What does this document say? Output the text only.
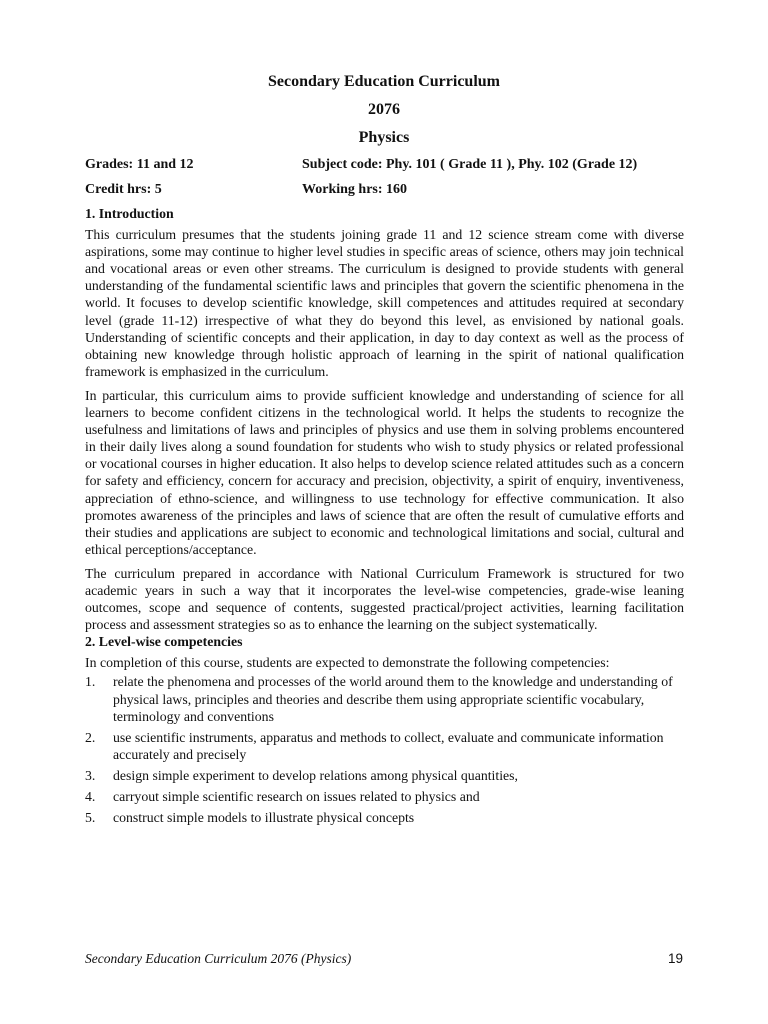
Secondary Education Curriculum
2076
Physics
Grades: 11 and 12	Subject code: Phy. 101 ( Grade 11 ), Phy. 102 (Grade 12)
Credit hrs: 5	Working hrs: 160
1. Introduction

This curriculum presumes that the students joining grade 11 and 12 science stream come with diverse aspirations, some may continue to higher level studies in specific areas of science, others may join technical and vocational areas or even other streams. The curriculum is designed to provide students with general understanding of the fundamental scientific laws and principles that govern the scientific phenomena in the world. It focuses to develop scientific knowledge, skill competences and attitudes required at secondary level (grade 11-12) irrespective of what they do beyond this level, as envisioned by national goals. Understanding of scientific concepts and their application, in day to day context as well as the process of obtaining new knowledge through holistic approach of learning in the spirit of national qualification framework is emphasized in the curriculum.

In particular, this curriculum aims to provide sufficient knowledge and understanding of science for all learners to become confident citizens in the technological world. It helps the students to recognize the usefulness and limitations of laws and principles of physics and use them in solving problems encountered in their daily lives along a sound foundation for students who wish to study physics or related professional or vocational courses in higher education. It also helps to develop science related attitudes such as a concern for safety and efficiency, concern for accuracy and precision, objectivity, a spirit of enquiry, inventiveness, appreciation of ethno-science, and willingness to use technology for effective communication. It also promotes awareness of the principles and laws of science that are often the result of cumulative efforts and their studies and applications are subject to economic and technological limitations and social, cultural and ethical perceptions/acceptance.

The curriculum prepared in accordance with National Curriculum Framework is structured for two academic years in such a way that it incorporates the level-wise competencies, grade-wise leaning outcomes, scope and sequence of contents, suggested practical/project activities, learning facilitation process and assessment strategies so as to enhance the learning on the subject systematically.

2. Level-wise competencies
In completion of this course, students are expected to demonstrate the following competencies:
1. relate the phenomena and processes of the world around them to the knowledge and understanding of physical laws, principles and theories and describe them using appropriate scientific vocabulary, terminology and conventions
2. use scientific instruments, apparatus and methods to collect, evaluate and communicate information accurately and precisely
3. design simple experiment to develop relations among physical quantities,
4. carryout simple scientific research on issues related to physics and
5. construct simple models to illustrate physical concepts
Secondary Education Curriculum 2076 (Physics)	19
